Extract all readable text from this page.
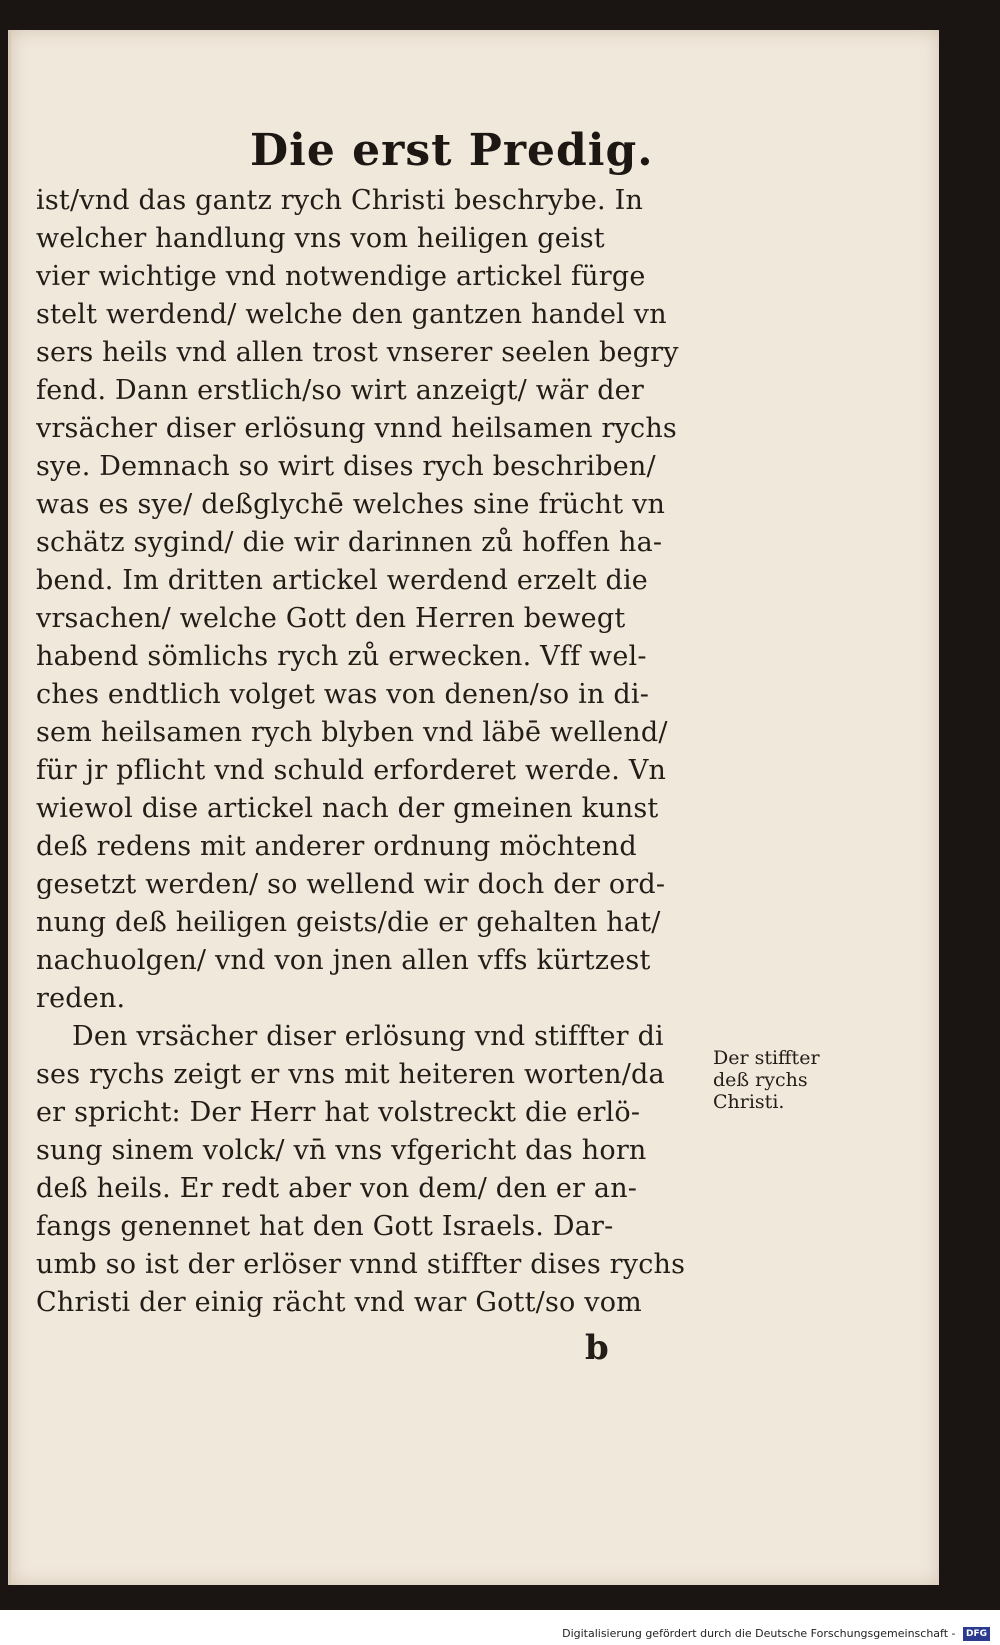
Die erst Predig.
ist/vnd das gantz rych Christi beschrybe. In
welcher handlung vns vom heiligen geist
vier wichtige vnd notwendige artickel fürge
stelt werdend/ welche den gantzen handel vn
sers heils vnd allen trost vnserer seelen begry
fend. Dann erstlich/so wirt anzeigt/ wär der
vrsächer diser erlösung vnnd heilsamen rychs
sye. Demnach so wirt dises rych beschriben/
was es sye/ deßglychē welches sine frücht vn
schätz sygind/ die wir darinnen zů hoffen ha-
bend. Im dritten artickel werdend erzelt die
vrsachen/ welche Gott den Herren bewegt
habend sömlichs rych zů erwecken. Vff wel-
ches endtlich volget was von denen/so in di-
sem heilsamen rych blyben vnd läbē wellend/
für jr pflicht vnd schuld erforderet werde. Vn
wiewol dise artickel nach der gmeinen kunst
deß redens mit anderer ordnung möchtend
gesetzt werden/ so wellend wir doch der ord-
nung deß heiligen geists/die er gehalten hat/
nachuolgen/ vnd von jnen allen vffs kürtzest
reden.
Den vrsächer diser erlösung vnd stiffter di
ses rychs zeigt er vns mit heiteren worten/da
er spricht: Der Herr hat volstreckt die erlö-
sung sinem volck/ vn̄ vns vfgericht das horn
deß heils. Er redt aber von dem/ den er an-
fangs genennet hat den Gott Israels. Dar-
umb so ist der erlöser vnnd stiffter dises rychs
Christi der einig rächt vnd war Gott/so vom
Der stiffter
deß rychs
Christi.
b
Digitalisierung gefördert durch die Deutsche Forschungsgemeinschaft - DFG
